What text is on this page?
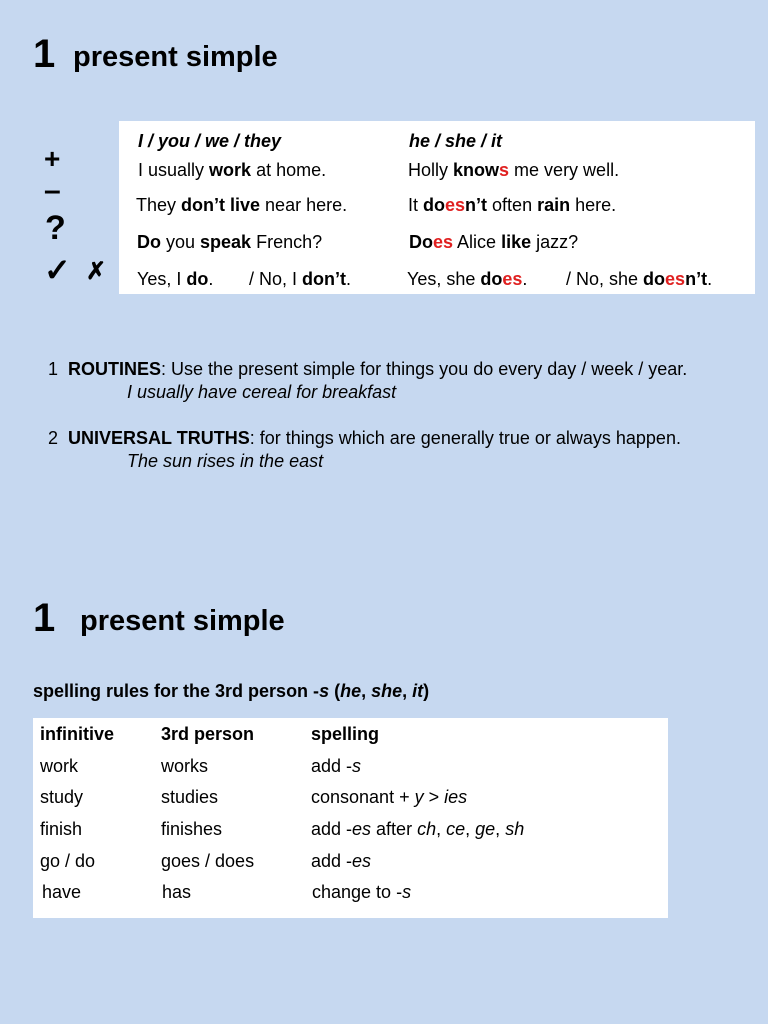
1 present simple
+
–
?
✓ ✗
I / you / we / they	he / she / it
I usually work at home.	Holly knows me very well.
They don’t live near here.	It doesn’t often rain here.
Do you speak French?	Does Alice like jazz?
Yes, I do. / No, I don’t.	Yes, she does. / No, she doesn’t.
1 ROUTINES: Use the present simple for things you do every day / week / year.
I usually have cereal for breakfast
2 UNIVERSAL TRUTHS: for things which are generally true or always happen.
The sun rises in the east
1 present simple
spelling rules for the 3rd person -s (he, she, it)
infinitive	3rd person	spelling
work	works	add -s
study	studies	consonant + y > ies
finish	finishes	add -es after ch, ce, ge, sh
go / do	goes / does	add -es
have	has	change to -s
